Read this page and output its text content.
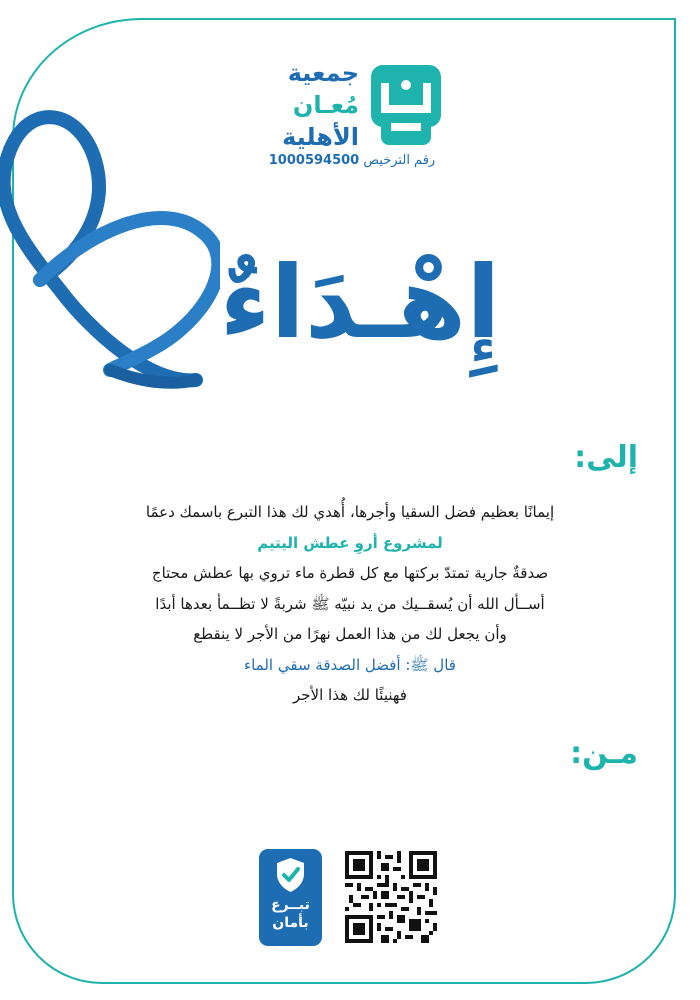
جمعية
مُعـان
الأهلية
رقم الترخيص 1000594500
إِهْـدَاءٌ
إلى:

إيمانًا بعظيم فضل السقيا وأجرها، أُهدي لك هذا التبرع باسمك دعمًا

لمشروع أروِ عطش اليتيم

صدقةٌ جارية تمتدّ بركتها مع كل قطرة ماء تروي بها عطش محتاج

أســأل الله أن يُسقــيك من يد نبيّه ﷺ شربةً لا تظــمأ بعدها أبدًا

وأن يجعل لك من هذا العمل نهرًا من الأجر لا ينقطع

قال ﷺ: أفضل الصدقة سقي الماء

فهنيئًا لك هذا الأجر

مـن:
تبــرع
بأمان
